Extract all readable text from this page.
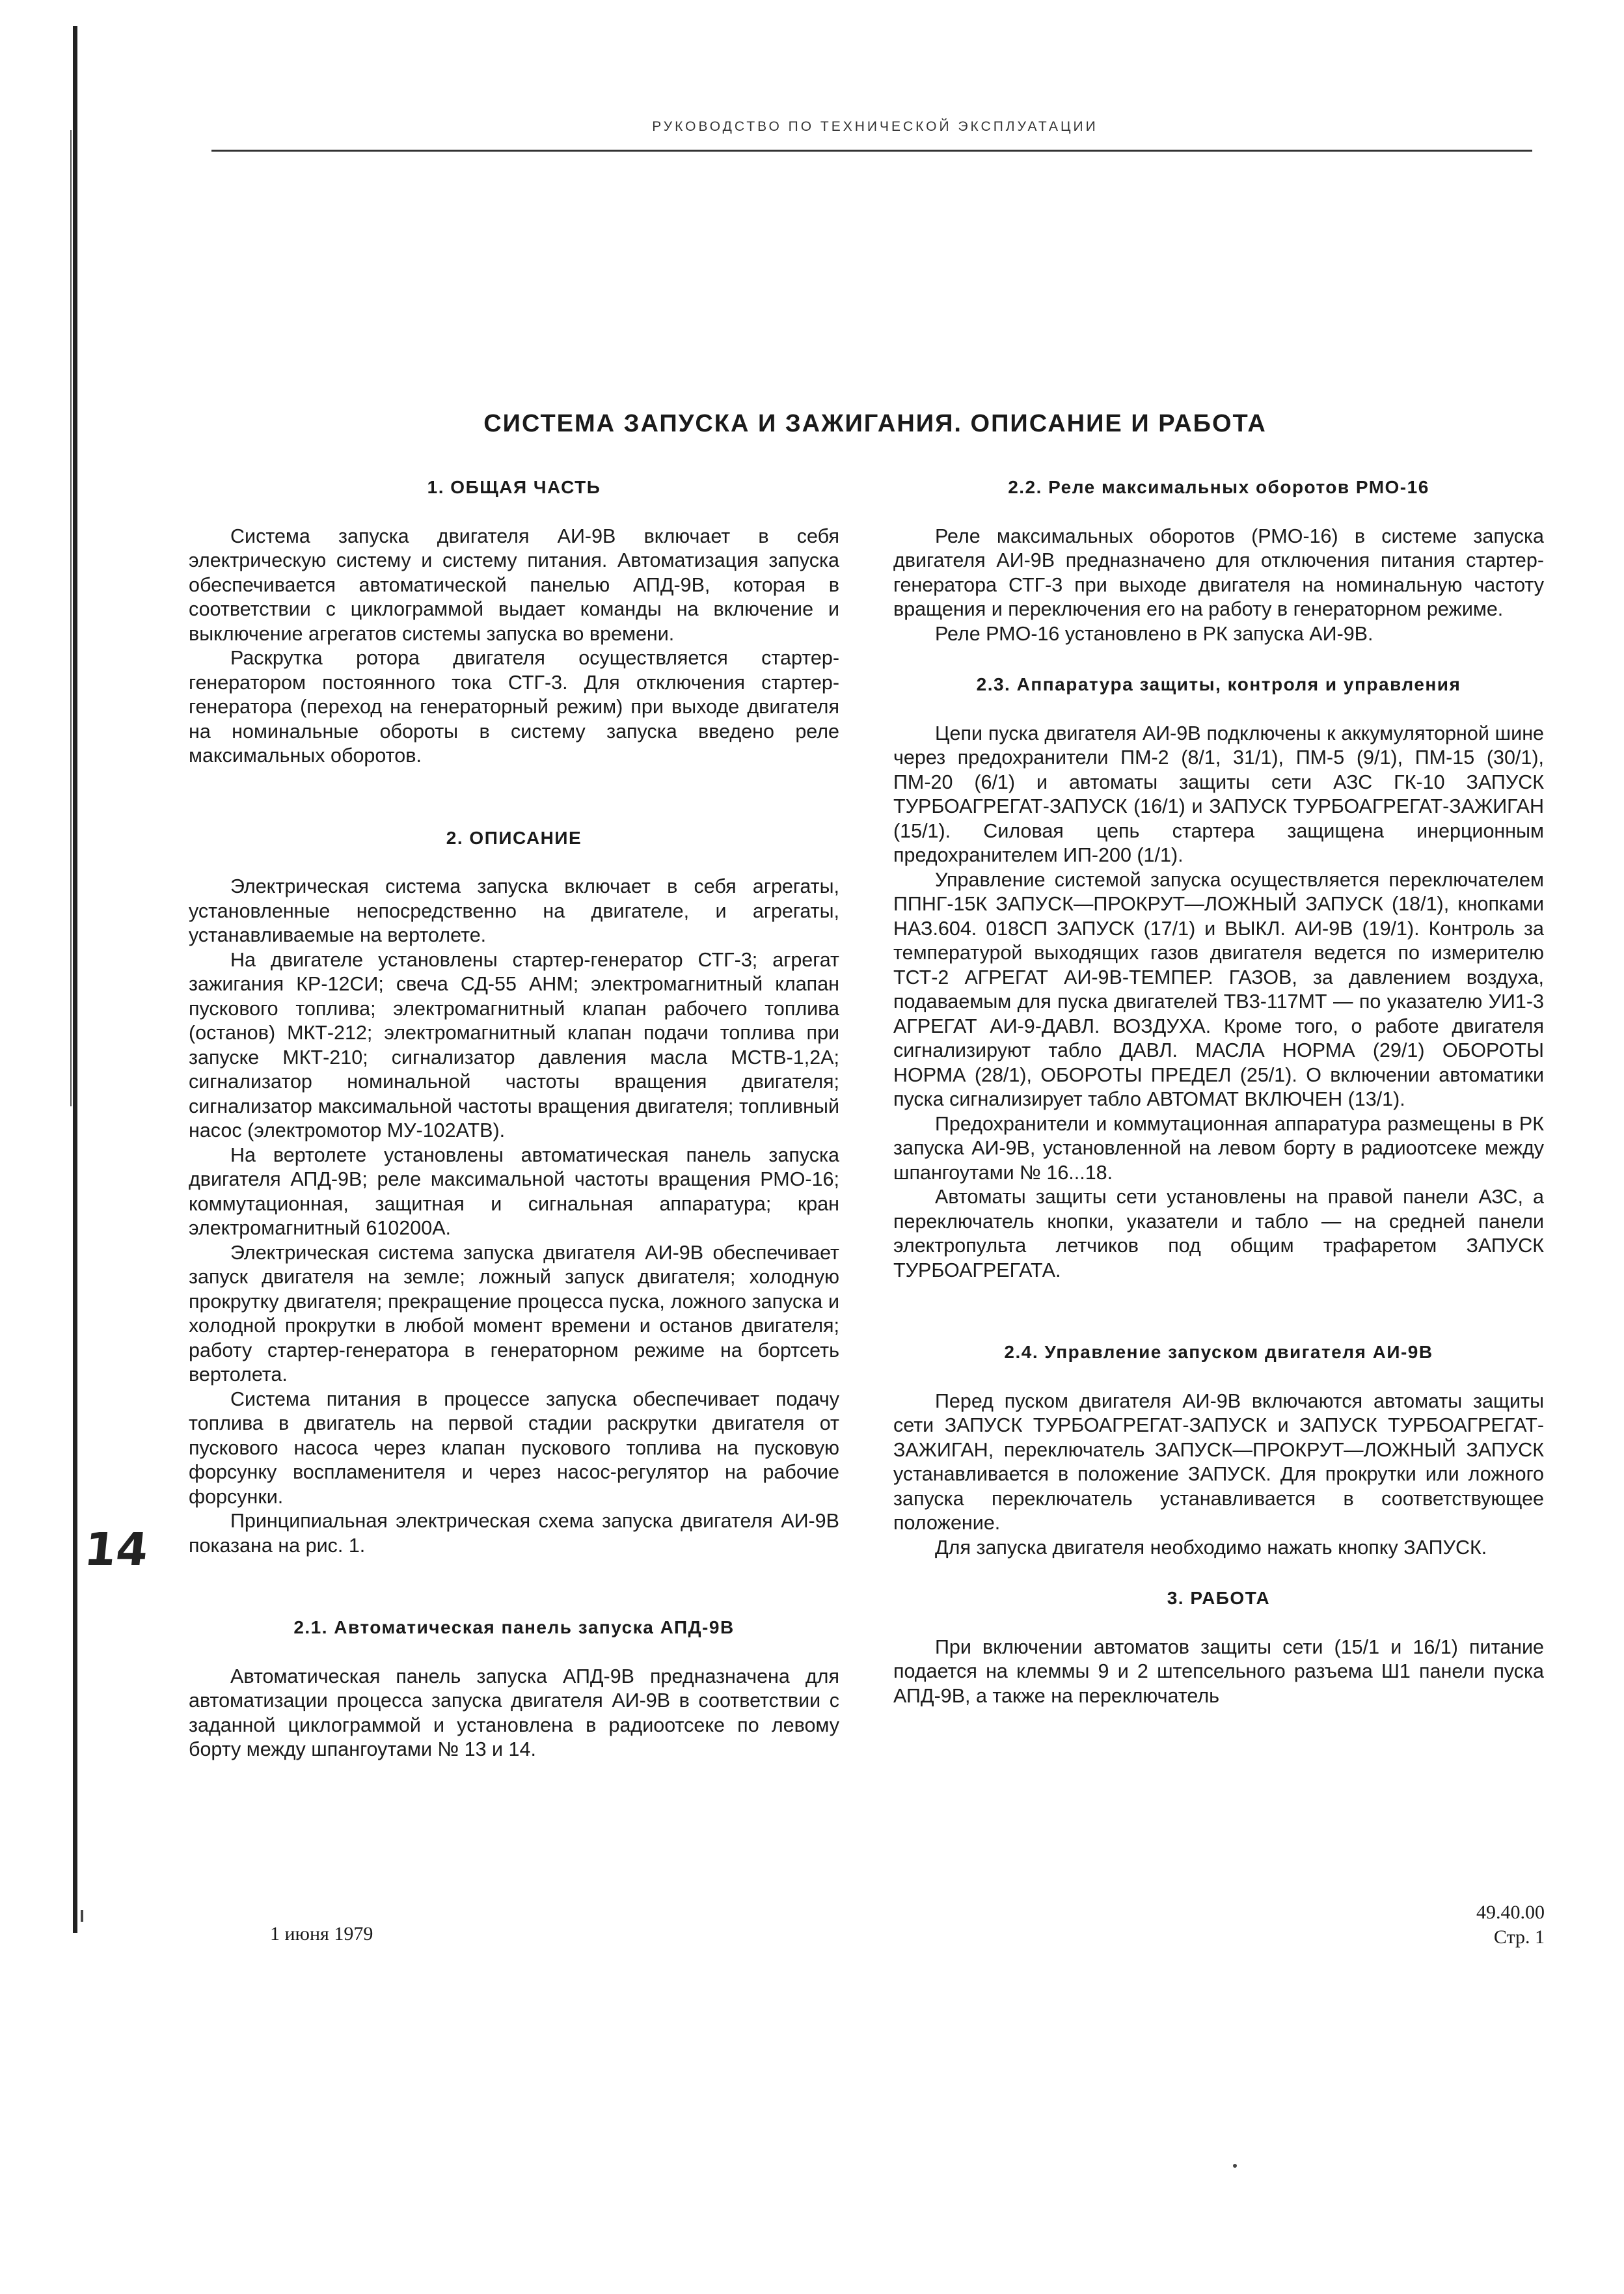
РУКОВОДСТВО ПО ТЕХНИЧЕСКОЙ ЭКСПЛУАТАЦИИ
СИСТЕМА ЗАПУСКА И ЗАЖИГАНИЯ. ОПИСАНИЕ И РАБОТА
1. ОБЩАЯ ЧАСТЬ

Система запуска двигателя АИ-9В включает в себя электрическую систему и систему питания. Автоматизация запуска обеспечивается автоматической панелью АПД-9В, которая в соответствии с циклограммой выдает команды на включение и выключение агрегатов системы запуска во времени.

Раскрутка ротора двигателя осуществляется стартер-генератором постоянного тока СТГ-3. Для отключения стартер-генератора (переход на генераторный режим) при выходе двигателя на номинальные обороты в систему запуска введено реле максимальных оборотов.

2. ОПИСАНИЕ

Электрическая система запуска включает в себя агрегаты, установленные непосредственно на двигателе, и агрегаты, устанавливаемые на вертолете.

На двигателе установлены стартер-генератор СТГ-3; агрегат зажигания КР-12СИ; свеча СД-55 АНМ; электромагнитный клапан пускового топлива; электромагнитный клапан рабочего топлива (останов) МКТ-212; электромагнитный клапан подачи топлива при запуске МКТ-210; сигнализатор давления масла МСТВ-1,2А; сигнализатор номинальной частоты вращения двигателя; сигнализатор максимальной частоты вращения двигателя; топливный насос (электромотор МУ-102АТВ).

На вертолете установлены автоматическая панель запуска двигателя АПД-9В; реле максимальной частоты вращения РМО-16; коммутационная, защитная и сигнальная аппаратура; кран электромагнитный 610200А.

Электрическая система запуска двигателя АИ-9В обеспечивает запуск двигателя на земле; ложный запуск двигателя; холодную прокрутку двигателя; прекращение процесса пуска, ложного запуска и холодной прокрутки в любой момент времени и останов двигателя; работу стартер-генератора в генераторном режиме на бортсеть вертолета.

Система питания в процессе запуска обеспечивает подачу топлива в двигатель на первой стадии раскрутки двигателя от пускового насоса через клапан пускового топлива на пусковую форсунку воспламенителя и через насос-регулятор на рабочие форсунки.

Принципиальная электрическая схема запуска двигателя АИ-9В показана на рис. 1.

2.1. Автоматическая панель запуска АПД-9В

Автоматическая панель запуска АПД-9В предназначена для автоматизации процесса запуска двигателя АИ-9В в соответствии с заданной циклограммой и установлена в радиоотсеке по левому борту между шпангоутами № 13 и 14.

2.2. Реле максимальных оборотов РМО-16

Реле максимальных оборотов (РМО-16) в системе запуска двигателя АИ-9В предназначено для отключения питания стартер-генератора СТГ-3 при выходе двигателя на номинальную частоту вращения и переключения его на работу в генераторном режиме.

Реле РМО-16 установлено в РК запуска АИ-9В.

2.3. Аппаратура защиты, контроля и управления

Цепи пуска двигателя АИ-9В подключены к аккумуляторной шине через предохранители ПМ-2 (8/1, 31/1), ПМ-5 (9/1), ПМ-15 (30/1), ПМ-20 (6/1) и автоматы защиты сети АЗС ГК-10 ЗАПУСК ТУРБОАГРЕГАТ-ЗАПУСК (16/1) и ЗАПУСК ТУРБОАГРЕГАТ-ЗАЖИГАН (15/1). Силовая цепь стартера защищена инерционным предохранителем ИП-200 (1/1).

Управление системой запуска осуществляется переключателем ППНГ-15К ЗАПУСК—ПРОКРУТ—ЛОЖНЫЙ ЗАПУСК (18/1), кнопками НАЗ.604. 018СП ЗАПУСК (17/1) и ВЫКЛ. АИ-9В (19/1). Контроль за температурой выходящих газов двигателя ведется по измерителю ТСТ-2 АГРЕГАТ АИ-9В-ТЕМПЕР. ГАЗОВ, за давлением воздуха, подаваемым для пуска двигателей ТВ3-117МТ — по указателю УИ1-3 АГРЕГАТ АИ-9-ДАВЛ. ВОЗДУХА. Кроме того, о работе двигателя сигнализируют табло ДАВЛ. МАСЛА НОРМА (29/1) ОБОРОТЫ НОРМА (28/1), ОБОРОТЫ ПРЕДЕЛ (25/1). О включении автоматики пуска сигнализирует табло АВТОМАТ ВКЛЮЧЕН (13/1).

Предохранители и коммутационная аппаратура размещены в РК запуска АИ-9В, установленной на левом борту в радиоотсеке между шпангоутами № 16...18.

Автоматы защиты сети установлены на правой панели АЗС, а переключатель кнопки, указатели и табло — на средней панели электропульта летчиков под общим трафаретом ЗАПУСК ТУРБОАГРЕГАТА.

2.4. Управление запуском двигателя АИ-9В

Перед пуском двигателя АИ-9В включаются автоматы защиты сети ЗАПУСК ТУРБОАГРЕГАТ-ЗАПУСК и ЗАПУСК ТУРБОАГРЕГАТ-ЗАЖИГАН, переключатель ЗАПУСК—ПРОКРУТ—ЛОЖНЫЙ ЗАПУСК устанавливается в положение ЗАПУСК. Для прокрутки или ложного запуска переключатель устанавливается в соответствующее положение.

Для запуска двигателя необходимо нажать кнопку ЗАПУСК.

3. РАБОТА

При включении автоматов защиты сети (15/1 и 16/1) питание подается на клеммы 9 и 2 штепсельного разъема Ш1 панели пуска АПД-9В, а также на переключатель

14
1 июня 1979
49.40.00
Стр. 1
